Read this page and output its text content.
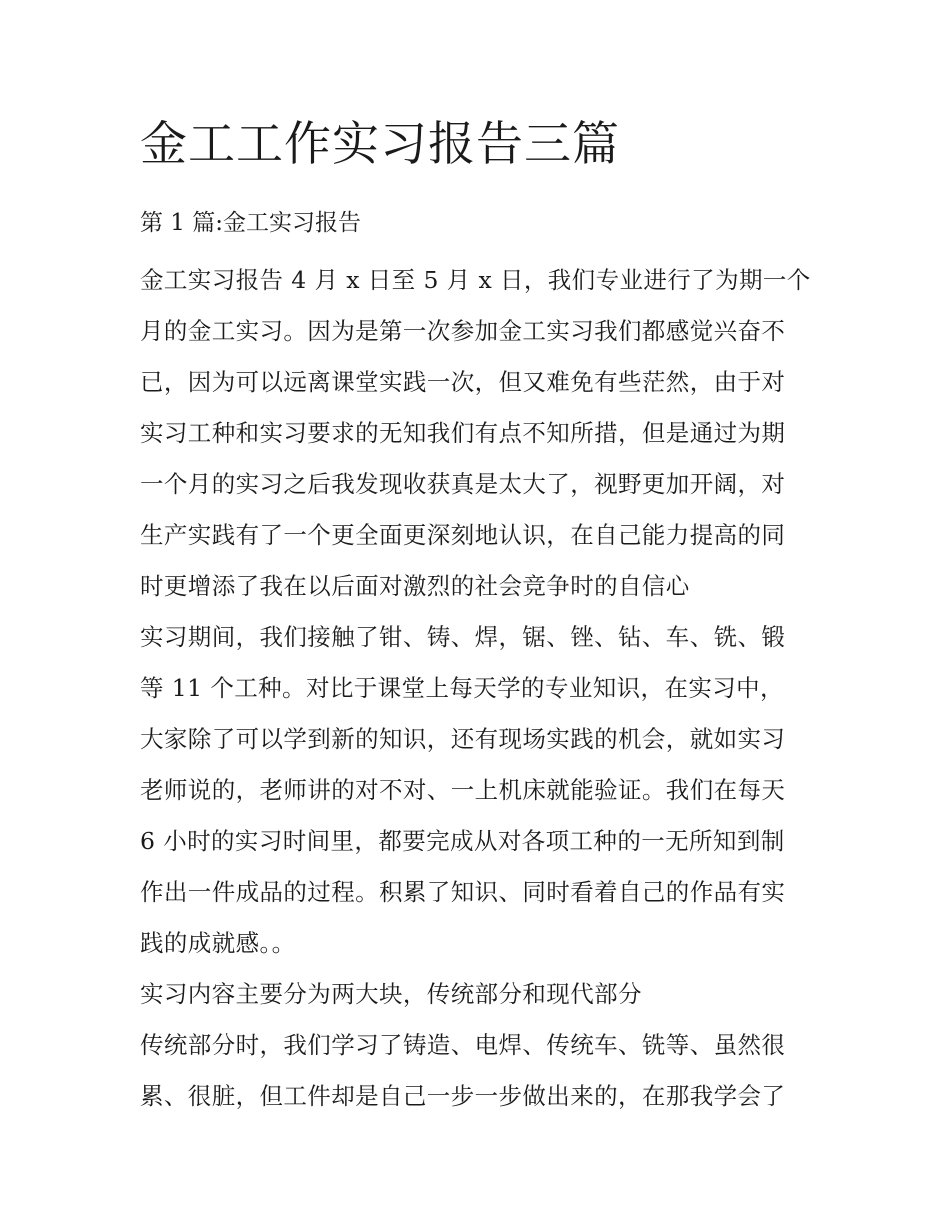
金工工作实习报告三篇
第 1 篇:金工实习报告
金工实习报告 4 月 x 日至 5 月 x 日，我们专业进行了为期一个
月的金工实习。因为是第一次参加金工实习我们都感觉兴奋不
已，因为可以远离课堂实践一次，但又难免有些茫然，由于对
实习工种和实习要求的无知我们有点不知所措，但是通过为期
一个月的实习之后我发现收获真是太大了，视野更加开阔，对
生产实践有了一个更全面更深刻地认识，在自己能力提高的同
时更增添了我在以后面对激烈的社会竞争时的自信心
实习期间，我们接触了钳、铸、焊，锯、锉、钻、车、铣、锻
等 11 个工种。对比于课堂上每天学的专业知识，在实习中，
大家除了可以学到新的知识，还有现场实践的机会，就如实习
老师说的，老师讲的对不对、一上机床就能验证。我们在每天
6 小时的实习时间里，都要完成从对各项工种的一无所知到制
作出一件成品的过程。积累了知识、同时看着自己的作品有实
践的成就感。。
实习内容主要分为两大块，传统部分和现代部分
传统部分时，我们学习了铸造、电焊、传统车、铣等、虽然很
累、很脏，但工件却是自己一步一步做出来的，在那我学会了
